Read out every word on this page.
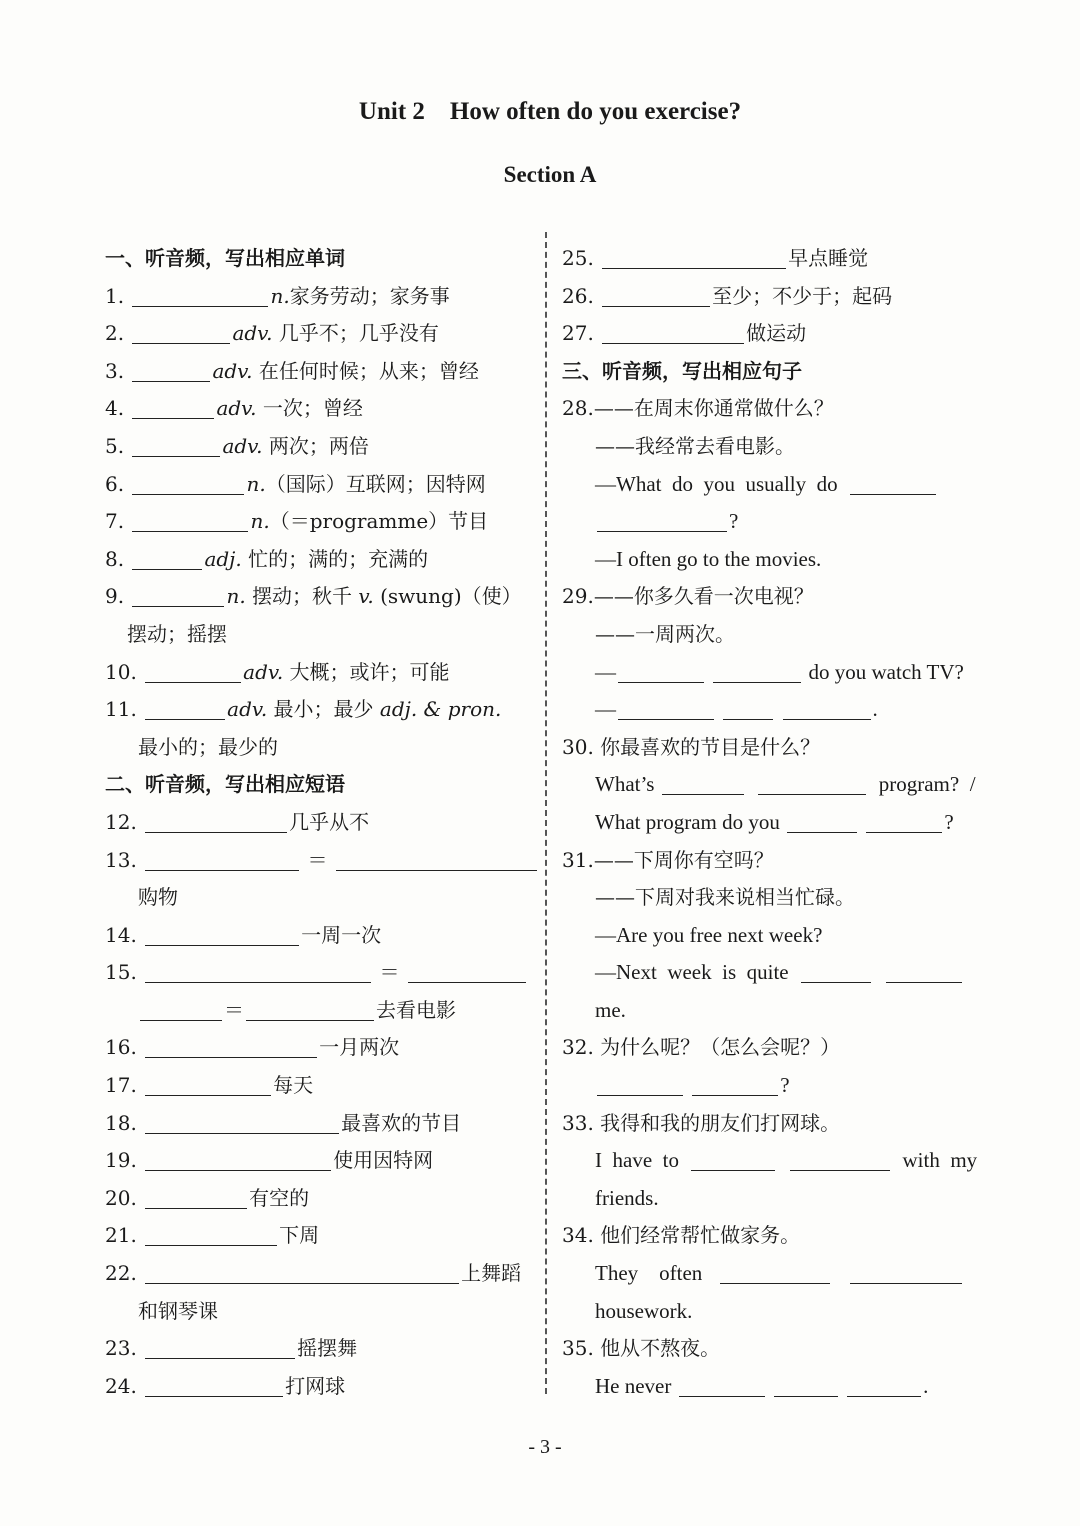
Unit 2    How often do you exercise?
Section A
一、听音频，写出相应单词
1.	n.家务劳动；家务事
2.	adv. 几乎不；几乎没有
3.	adv. 在任何时候；从来；曾经
4.	adv. 一次；曾经
5.	adv. 两次；两倍
6.	n.（国际）互联网；因特网
7.	n.（＝programme）节目
8.	adj. 忙的；满的；充满的
9.	n. 摆动；秋千 v. (swung)（使）
摆动；摇摆
10.	adv. 大概；或许；可能
11.	adv. 最小；最少 adj. & pron.
最小的；最少的
二、听音频，写出相应短语
12.	几乎从不
13.	＝
购物
14.	一周一次
15.	＝
＝	去看电影
16.	一月两次
17.	每天
18.	最喜欢的节目
19.	使用因特网
20.	有空的
21.	下周
22.	上舞蹈
和钢琴课
23.	摇摆舞
24.	打网球
25.	早点睡觉
26.	至少；不少于；起码
27.	做运动
三、听音频，写出相应句子
28.——在周末你通常做什么？
——我经常去看电影。
—What  do  you  usually  do
?
—I often go to the movies.
29.——你多久看一次电视？
——一周两次。
—	do you watch TV?
—	.
30. 你最喜欢的节目是什么？
What’s	program?  /
What program do you	?
31.——下周你有空吗？
——下周对我来说相当忙碌。
—Are you free next week?
—Next  week  is  quite
me.
32. 为什么呢？（怎么会呢？）
?
33. 我得和我的朋友们打网球。
I  have  to	with  my
friends.
34. 他们经常帮忙做家务。
They    often
housework.
35. 他从不熬夜。
He never	.
- 3 -
